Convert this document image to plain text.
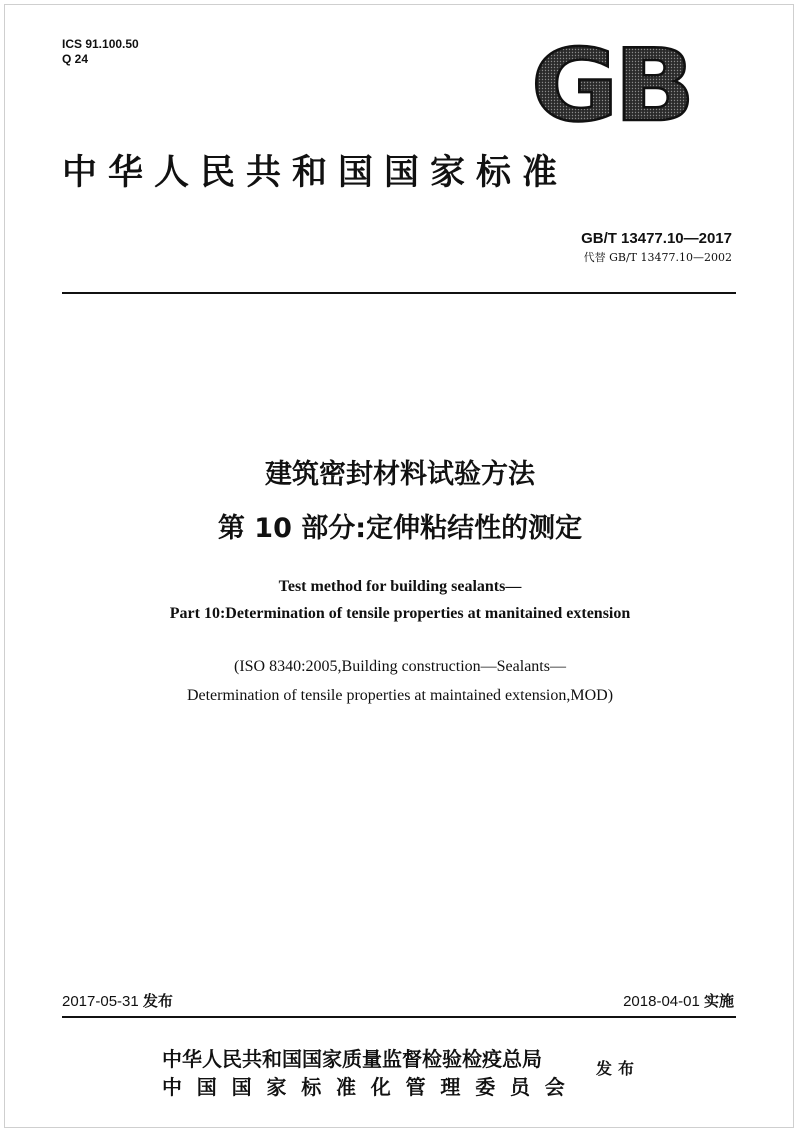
ICS 91.100.50
Q 24	GB
中华人民共和国国家标准
GB/T 13477.10—2017
代替 GB/T 13477.10—2002
建筑密封材料试验方法
第 10 部分:定伸粘结性的测定
Test method for building sealants—
Part 10:Determination of tensile properties at manitained extension
(ISO 8340:2005,Building construction—Sealants—
Determination of tensile properties at maintained extension,MOD)
2017-05-31 发布	2018-04-01 实施
中华人民共和国国家质量监督检验检疫总局
中国国家标准化管理委员会
发布
